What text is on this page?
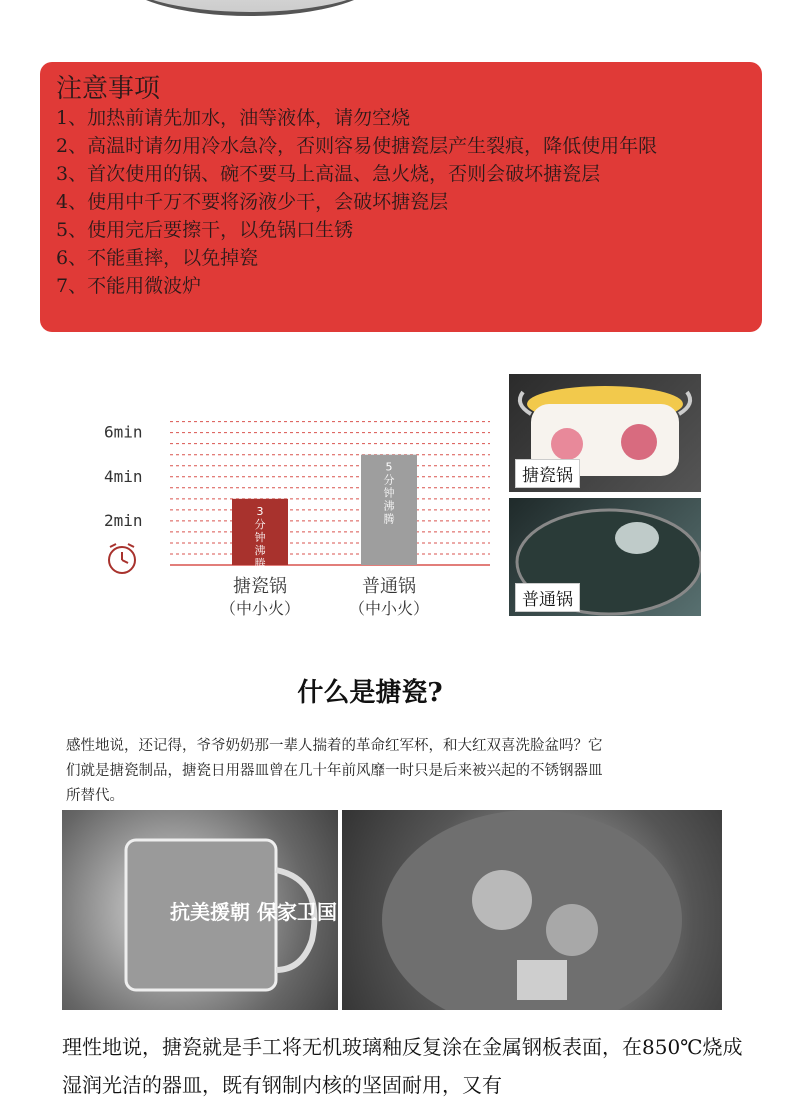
注意事项
1、加热前请先加水，油等液体，请勿空烧
2、高温时请勿用冷水急冷，否则容易使搪瓷层产生裂痕，降低使用年限
3、首次使用的锅、碗不要马上高温、急火烧，否则会破坏搪瓷层
4、使用中千万不要将汤液少干，会破坏搪瓷层
5、使用完后要擦干，以免锅口生锈
6、不能重摔，以免掉瓷
7、不能用微波炉
2min
4min
6min
3
分
钟
沸
腾
搪瓷锅
（中小火）
5
分
钟
沸
腾
普通锅
（中小火）
搪瓷锅
普通锅
什么是搪瓷?
感性地说，还记得，爷爷奶奶那一辈人揣着的革命红军杯，和大红双喜洗脸盆吗？它们就是搪瓷制品，搪瓷日用器皿曾在几十年前风靡一时只是后来被兴起的不锈钢器皿所替代。
抗美援朝 保家卫国
理性地说，搪瓷就是手工将无机玻璃釉反复涂在金属钢板表面，在850℃烧成湿润光洁的器皿，既有钢制内核的坚固耐用，又有
